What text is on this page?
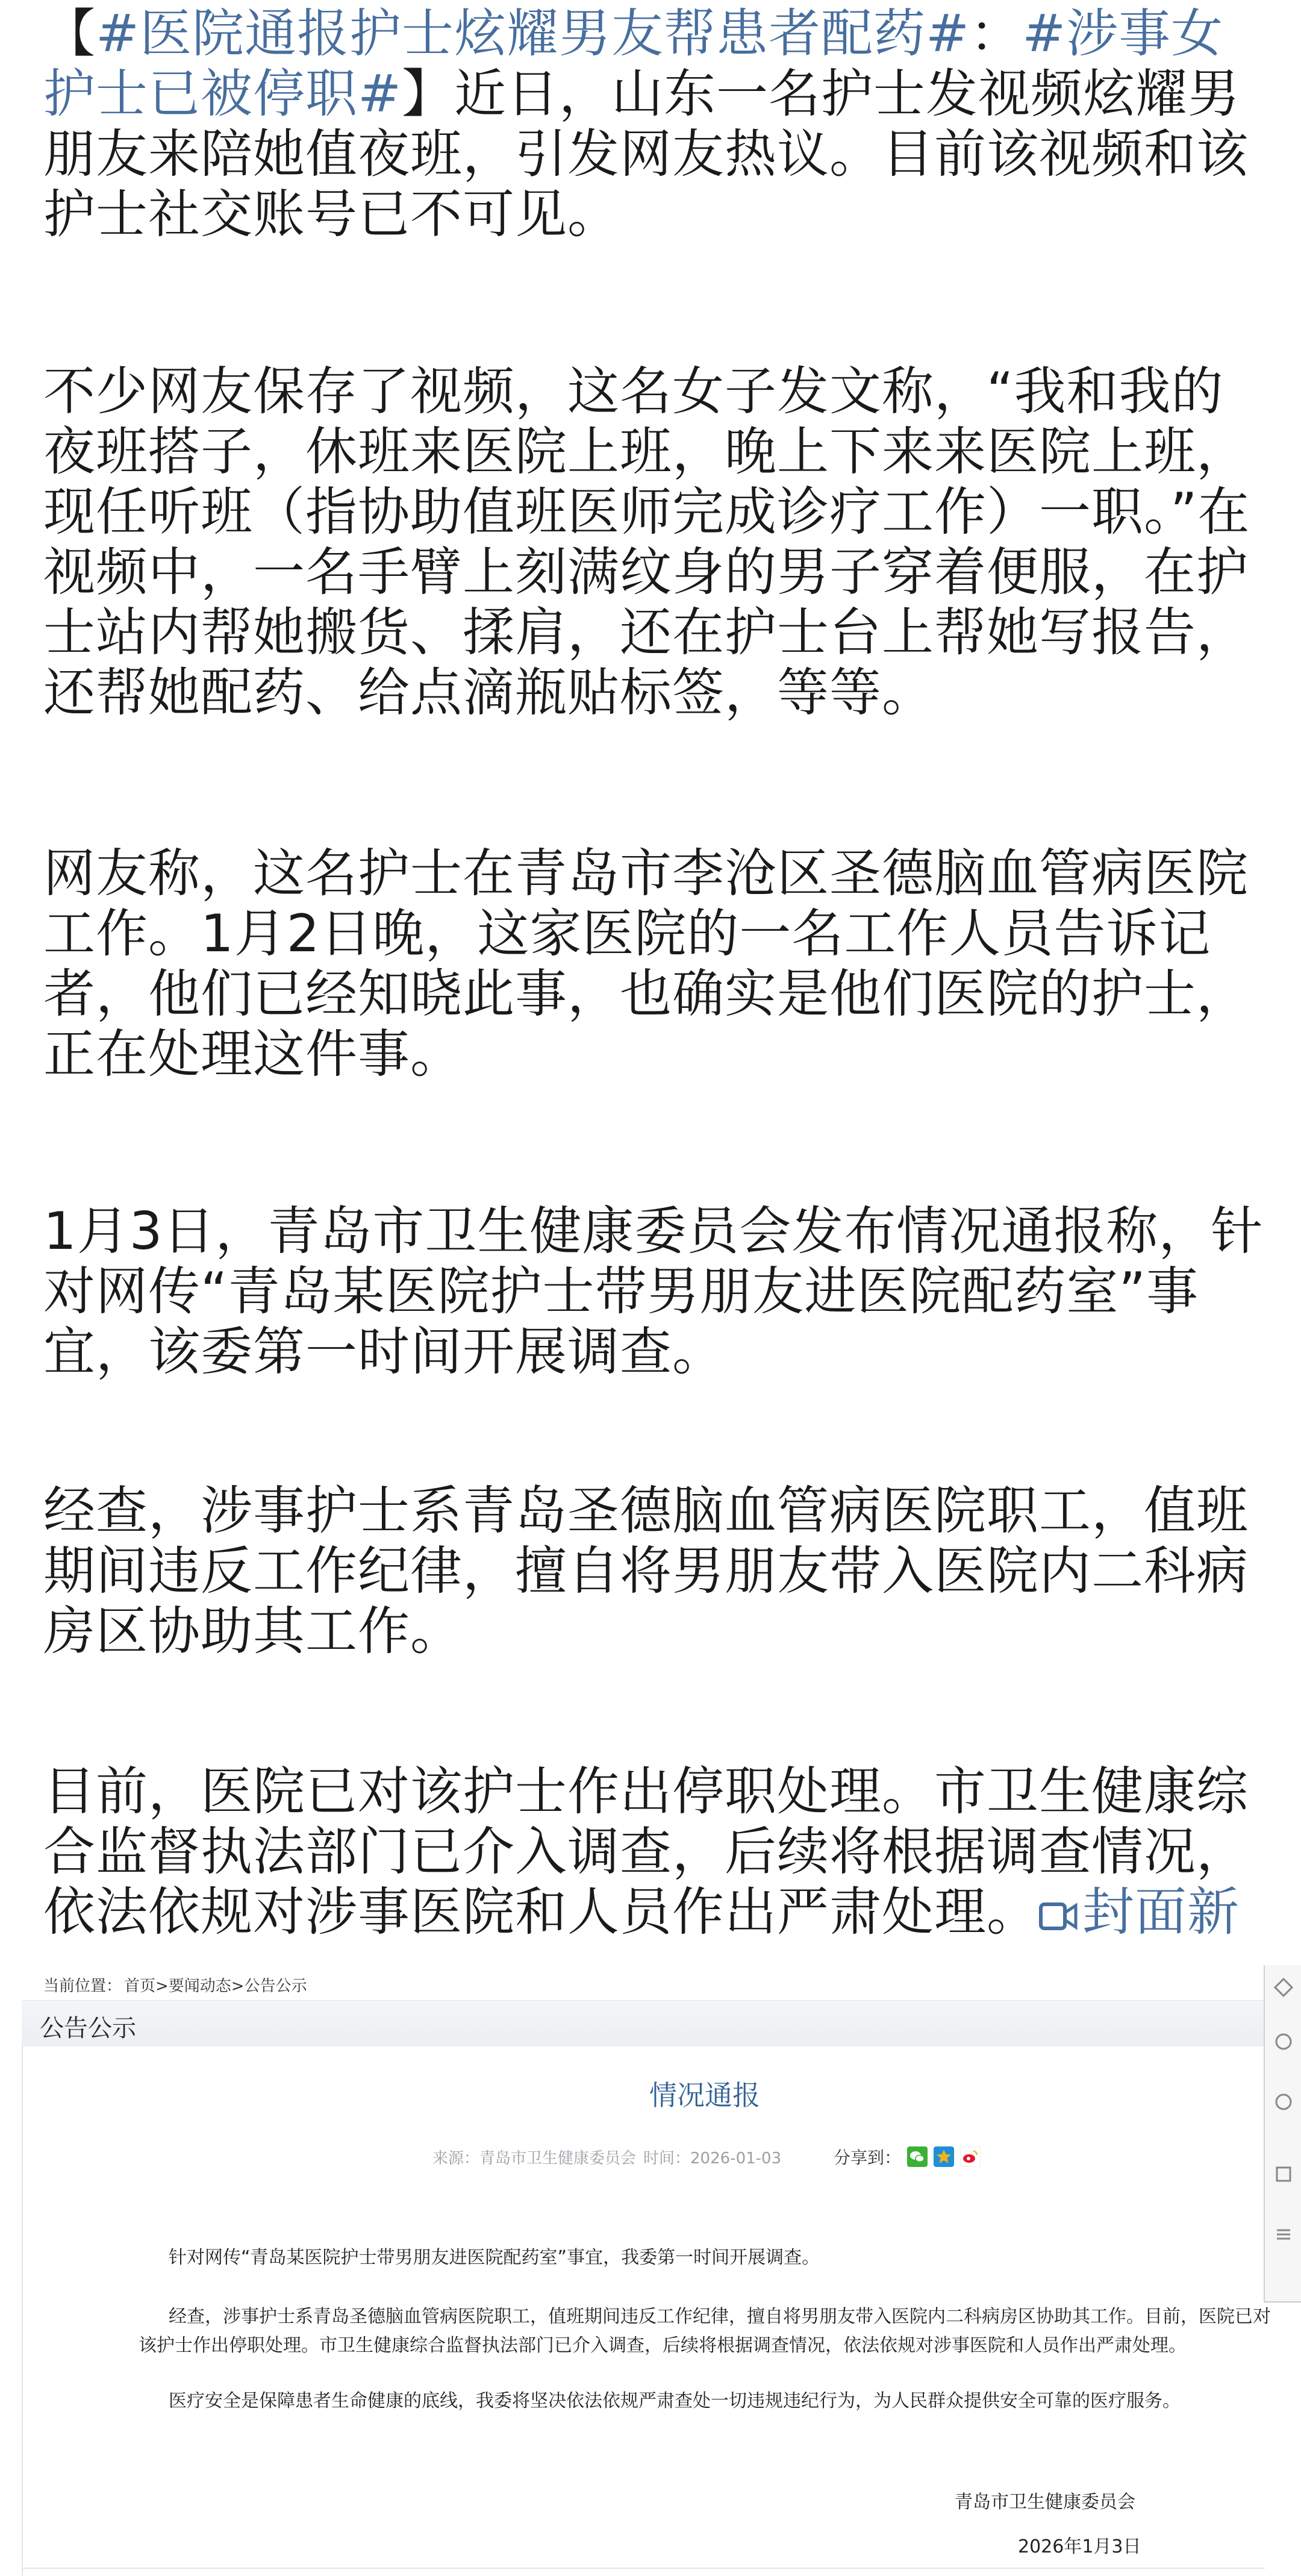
【#医院通报护士炫耀男友帮患者配药#：#涉事女护士已被停职#】近日，山东一名护士发视频炫耀男朋友来陪她值夜班，引发网友热议。目前该视频和该护士社交账号已不可见。

不少网友保存了视频，这名女子发文称，“我和我的夜班搭子，休班来医院上班，晚上下来来医院上班，现任听班（指协助值班医师完成诊疗工作）一职。”在视频中，一名手臂上刻满纹身的男子穿着便服，在护士站内帮她搬货、揉肩，还在护士台上帮她写报告，还帮她配药、给点滴瓶贴标签，等等。

网友称，这名护士在青岛市李沧区圣德脑血管病医院工作。1月2日晚，这家医院的一名工作人员告诉记者，他们已经知晓此事，也确实是他们医院的护士，正在处理这件事。

1月3日，青岛市卫生健康委员会发布情况通报称，针对网传“青岛某医院护士带男朋友进医院配药室”事宜，该委第一时间开展调查。

经查，涉事护士系青岛圣德脑血管病医院职工，值班期间违反工作纪律，擅自将男朋友带入医院内二科病房区协助其工作。

目前，医院已对该护士作出停职处理。市卫生健康综合监督执法部门已介入调查，后续将根据调查情况，依法依规对涉事医院和人员作出严肃处理。 封面新

当前位置： 首页>要闻动态>公告公示
公告公示
情况通报
来源：青岛市卫生健康委员会 时间：2026-01-03	分享到：

针对网传“青岛某医院护士带男朋友进医院配药室”事宜，我委第一时间开展调查。

经查，涉事护士系青岛圣德脑血管病医院职工，值班期间违反工作纪律，擅自将男朋友带入医院内二科病房区协助其工作。目前，医院已对该护士作出停职处理。市卫生健康综合监督执法部门已介入调查，后续将根据调查情况，依法依规对涉事医院和人员作出严肃处理。

医疗安全是保障患者生命健康的底线，我委将坚决依法依规严肃查处一切违规违纪行为，为人民群众提供安全可靠的医疗服务。

青岛市卫生健康委员会
2026年1月3日
